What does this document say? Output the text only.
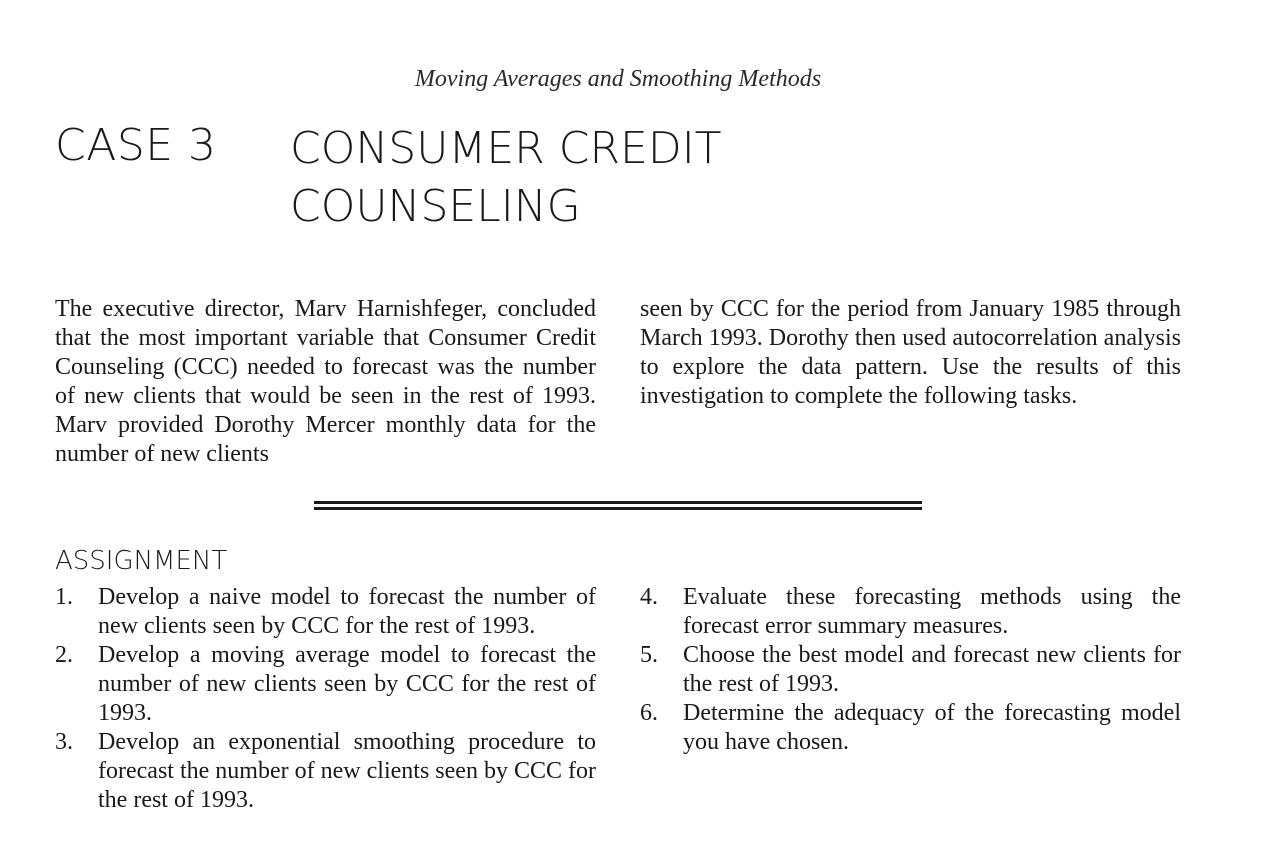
Moving Averages and Smoothing Methods
CASE 3 CONSUMER CREDIT
COUNSELING
The executive director, Marv Harnishfeger, concluded that the most important variable that Consumer Credit Counseling (CCC) needed to forecast was the number of new clients that would be seen in the rest of 1993. Marv provided Dorothy Mercer monthly data for the number of new clients
seen by CCC for the period from January 1985 through March 1993. Dorothy then used autocorrelation analysis to explore the data pattern. Use the results of this investigation to complete the following tasks.
ASSIGNMENT
1.	Develop a naive model to forecast the number of new clients seen by CCC for the rest of 1993.
2.	Develop a moving average model to forecast the number of new clients seen by CCC for the rest of 1993.
3.	Develop an exponential smoothing procedure to forecast the number of new clients seen by CCC for the rest of 1993.
4.	Evaluate these forecasting methods using the forecast error summary measures.
5.	Choose the best model and forecast new clients for the rest of 1993.
6.	Determine the adequacy of the forecasting model you have chosen.
